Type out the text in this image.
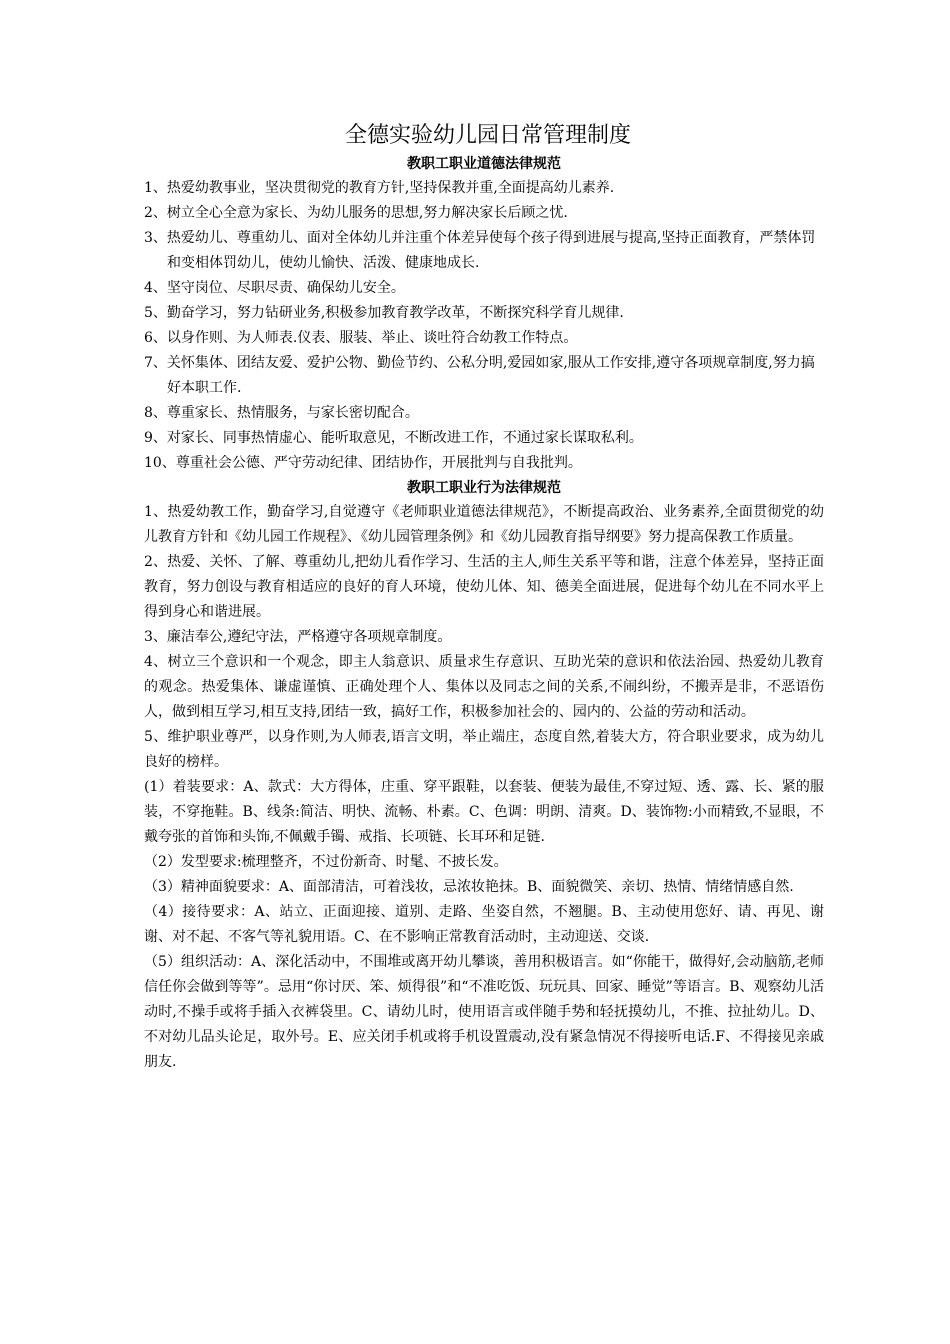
全德实验幼儿园日常管理制度
教职工职业道德法律规范
1、热爱幼教事业，坚决贯彻党的教育方针,坚持保教并重,全面提高幼儿素养.
2、树立全心全意为家长、为幼儿服务的思想,努力解决家长后顾之忧.
3、热爱幼儿、尊重幼儿、面对全体幼儿并注重个体差异使每个孩子得到进展与提高,坚持正面教育，严禁体罚和变相体罚幼儿，使幼儿愉快、活泼、健康地成长.
4、坚守岗位、尽职尽责、确保幼儿安全。
5、勤奋学习，努力钻研业务,积极参加教育教学改革，不断探究科学育儿规律.
6、以身作则、为人师表.仪表、服装、举止、谈吐符合幼教工作特点。
7、关怀集体、团结友爱、爱护公物、勤俭节约、公私分明,爱园如家,服从工作安排,遵守各项规章制度,努力搞好本职工作.
8、尊重家长、热情服务，与家长密切配合。
9、对家长、同事热情虚心、能听取意见，不断改进工作，不通过家长谋取私利。
10、尊重社会公德、严守劳动纪律、团结协作，开展批判与自我批判。
教职工职业行为法律规范

1、热爱幼教工作，勤奋学习,自觉遵守《老师职业道德法律规范》，不断提高政治、业务素养,全面贯彻党的幼儿教育方针和《幼儿园工作规程》、《幼儿园管理条例》和《幼儿园教育指导纲要》努力提高保教工作质量。

2、热爱、关怀、了解、尊重幼儿,把幼儿看作学习、生活的主人,师生关系平等和谐，注意个体差异，坚持正面教育，努力创设与教育相适应的良好的育人环境，使幼儿体、知、德美全面进展，促进每个幼儿在不同水平上得到身心和谐进展。

3、廉洁奉公,遵纪守法，严格遵守各项规章制度。

4、树立三个意识和一个观念，即主人翁意识、质量求生存意识、互助光荣的意识和依法治园、热爱幼儿教育的观念。热爱集体、谦虚谨慎、正确处理个人、集体以及同志之间的关系,不闹纠纷，不搬弄是非，不恶语伤人，做到相互学习,相互支持,团结一致，搞好工作，积极参加社会的、园内的、公益的劳动和活动。

5、维护职业尊严，以身作则,为人师表,语言文明，举止端庄，态度自然,着装大方，符合职业要求，成为幼儿良好的榜样。

(1）着装要求：A、款式：大方得体，庄重、穿平跟鞋，以套装、便装为最佳,不穿过短、透、露、长、紧的服装，不穿拖鞋。B、线条:简洁、明快、流畅、朴素。C、色调：明朗、清爽。D、装饰物:小而精致,不显眼，不戴夸张的首饰和头饰,不佩戴手镯、戒指、长项链、长耳环和足链.

（2）发型要求:梳理整齐，不过份新奇、时髦、不披长发。

（3）精神面貌要求：A、面部清洁，可着浅妆，忌浓妆艳抹。B、面貌微笑、亲切、热情、情绪情感自然.

（4）接待要求：A、站立、正面迎接、道别、走路、坐姿自然，不翘腿。B、主动使用您好、请、再见、谢谢、对不起、不客气等礼貌用语。C、在不影响正常教育活动时，主动迎送、交谈.

（5）组织活动：A、深化活动中，不围堆或离开幼儿攀谈，善用积极语言。如“你能干，做得好,会动脑筋,老师信任你会做到等等”。忌用“你讨厌、笨、烦得很”和“不准吃饭、玩玩具、回家、睡觉”等语言。B、观察幼儿活动时,不操手或将手插入衣裤袋里。C、请幼儿时，使用语言或伴随手势和轻抚摸幼儿，不推、拉扯幼儿。D、不对幼儿品头论足，取外号。E、应关闭手机或将手机设置震动,没有紧急情况不得接听电话.F、不得接见亲戚朋友.
